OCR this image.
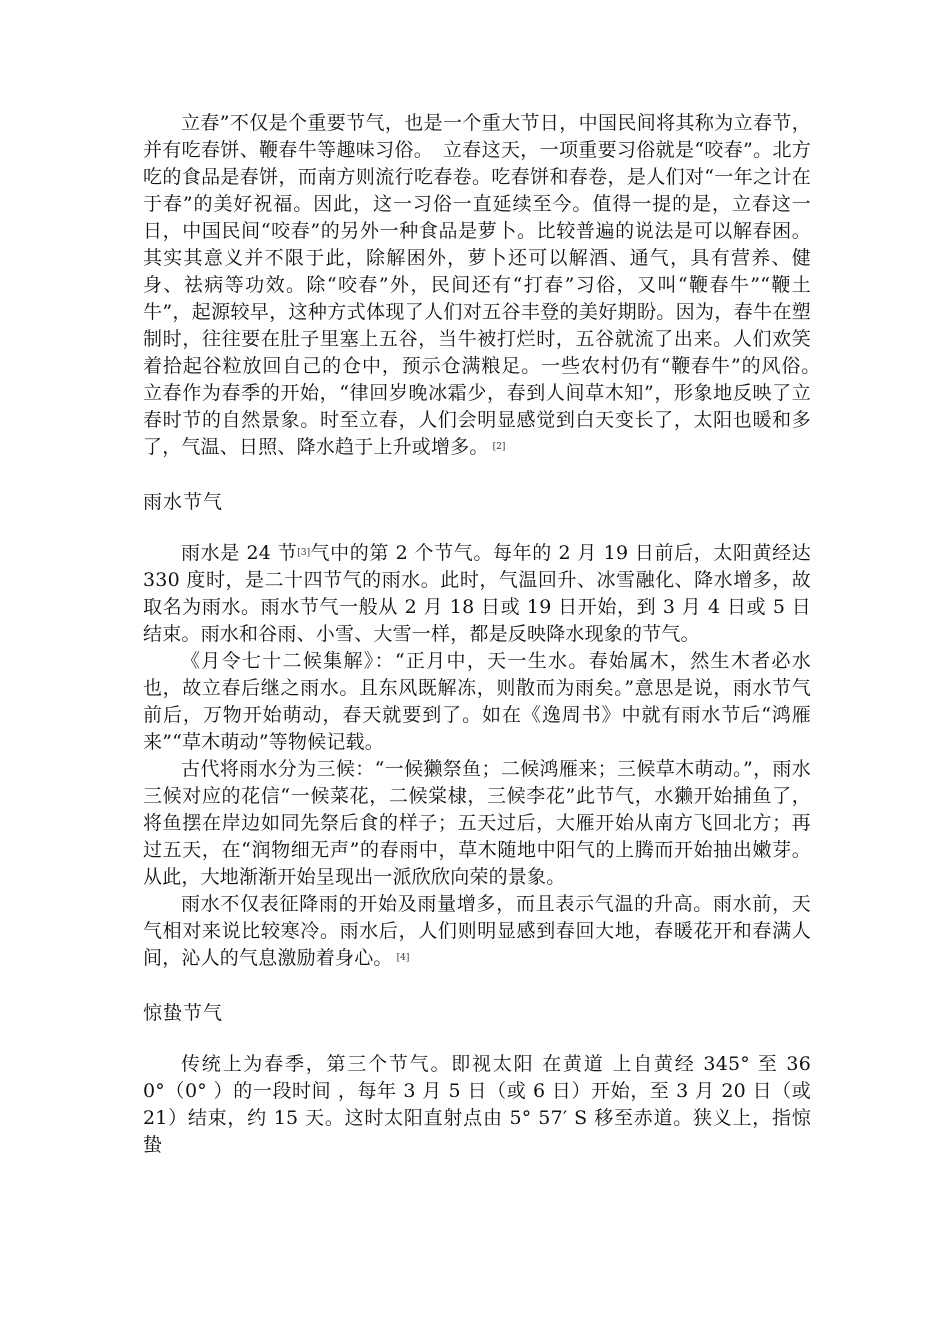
立春”不仅是个重要节气，也是一个重大节日，中国民间将其称为立春节，并有吃春饼、鞭春牛等趣味习俗。　立春这天，一项重要习俗就是“咬春”。北方吃的食品是春饼，而南方则流行吃春卷。吃春饼和春卷，是人们对“一年之计在于春”的美好祝福。因此，这一习俗一直延续至今。值得一提的是，立春这一日，中国民间“咬春”的另外一种食品是萝卜。比较普遍的说法是可以解春困。其实其意义并不限于此，除解困外，萝卜还可以解酒、通气，具有营养、健身、祛病等功效。除“咬春”外，民间还有“打春”习俗，又叫“鞭春牛”“鞭土牛”，起源较早，这种方式体现了人们对五谷丰登的美好期盼。因为，春牛在塑制时，往往要在肚子里塞上五谷，当牛被打烂时，五谷就流了出来。人们欢笑着拾起谷粒放回自己的仓中，预示仓满粮足。一些农村仍有“鞭春牛”的风俗。　立春作为春季的开始，“律回岁晚冰霜少，春到人间草木知”，形象地反映了立春时节的自然景象。时至立春，人们会明显感觉到白天变长了，太阳也暖和多了，气温、日照、降水趋于上升或增多。 [2]

雨水节气

雨水是 24 节[3]气中的第 2 个节气。每年的 2 月 19 日前后，太阳黄经达 330 度时，是二十四节气的雨水。此时，气温回升、冰雪融化、降水增多，故取名为雨水。雨水节气一般从 2 月 18 日或 19 日开始，到 3 月 4 日或 5 日结束。雨水和谷雨、小雪、大雪一样，都是反映降水现象的节气。

《月令七十二候集解》：“正月中，天一生水。春始属木，然生木者必水也，故立春后继之雨水。且东风既解冻，则散而为雨矣。”意思是说，雨水节气前后，万物开始萌动，春天就要到了。如在《逸周书》中就有雨水节后“鸿雁来”“草木萌动”等物候记载。

古代将雨水分为三候：“一候獭祭鱼；二候鸿雁来；三候草木萌动。”，雨水三候对应的花信“一候菜花，二候棠棣，三候李花”此节气，水獭开始捕鱼了，将鱼摆在岸边如同先祭后食的样子；五天过后，大雁开始从南方飞回北方；再过五天，在“润物细无声”的春雨中，草木随地中阳气的上腾而开始抽出嫩芽。从此，大地渐渐开始呈现出一派欣欣向荣的景象。

雨水不仅表征降雨的开始及雨量增多，而且表示气温的升高。雨水前，天气相对来说比较寒冷。雨水后，人们则明显感到春回大地，春暖花开和春满人间，沁人的气息激励着身心。 [4]

惊蛰节气

传统上为春季，第三个节气。即视太阳 在黄道 上自黄经 345° 至 360°（0° ）的一段时间 ，每年 3 月 5 日（或 6 日）开始，至 3 月 20 日（或 21）结束，约 15 天。这时太阳直射点由 5° 57′ S 移至赤道。狭义上，指惊蛰
